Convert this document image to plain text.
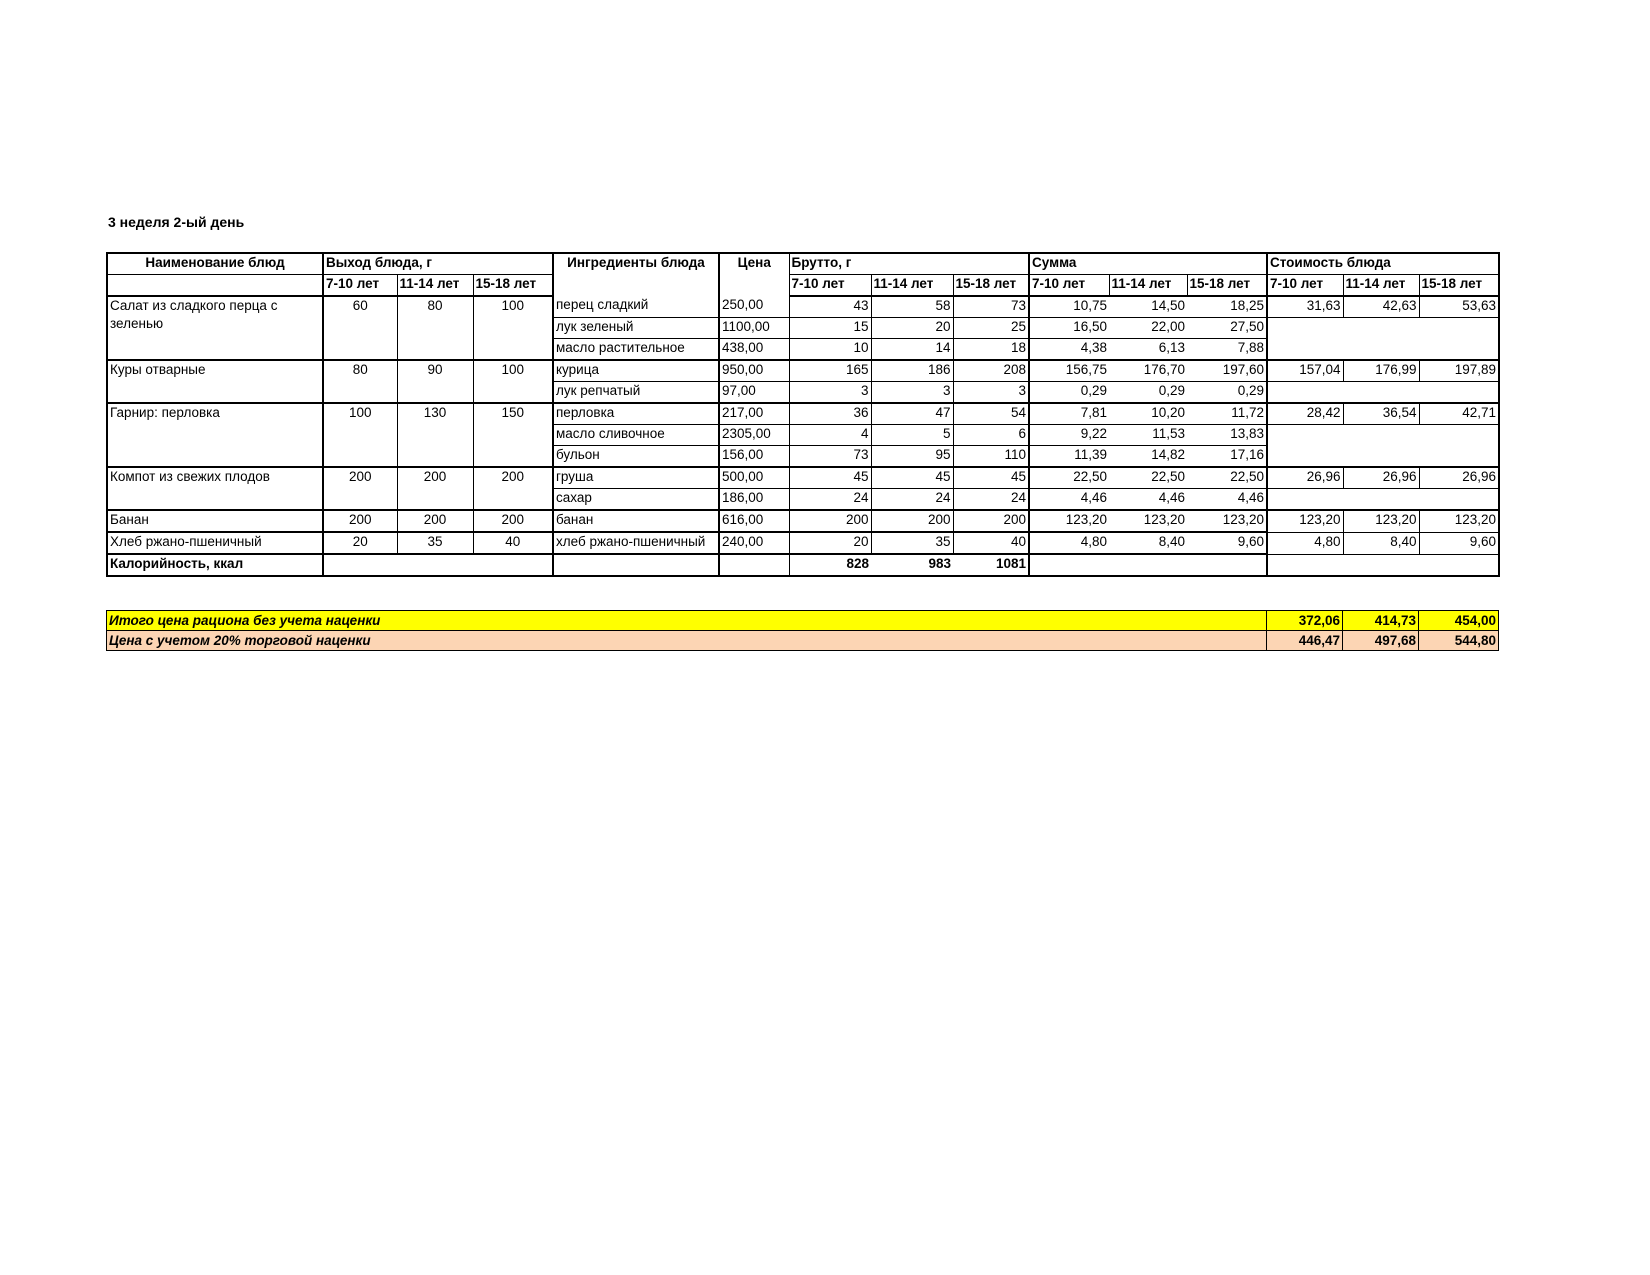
3 неделя 2-ый день
Наименование блюд	Выход блюда, г			Ингредиенты блюда	Цена	Брутто, г			Сумма			Стоимость блюда		
	7-10 лет	11-14 лет	15-18 лет			7-10 лет	11-14 лет	15-18 лет	7-10 лет	11-14 лет	15-18 лет	7-10 лет	11-14 лет	15-18 лет
Салат из сладкого перца с зеленью	60	80	100	перец сладкий	250,00	43	58	73	10,75	14,50	18,25	31,63	42,63	53,63
				лук зеленый	1100,00	15	20	25	16,50	22,00	27,50			
				масло растительное	438,00	10	14	18	4,38	6,13	7,88			
Куры отварные	80	90	100	курица	950,00	165	186	208	156,75	176,70	197,60	157,04	176,99	197,89
				лук репчатый	97,00	3	3	3	0,29	0,29	0,29			
Гарнир: перловка	100	130	150	перловка	217,00	36	47	54	7,81	10,20	11,72	28,42	36,54	42,71
				масло сливочное	2305,00	4	5	6	9,22	11,53	13,83			
				бульон	156,00	73	95	110	11,39	14,82	17,16			
Компот из свежих плодов	200	200	200	груша	500,00	45	45	45	22,50	22,50	22,50	26,96	26,96	26,96
				сахар	186,00	24	24	24	4,46	4,46	4,46			
Банан	200	200	200	банан	616,00	200	200	200	123,20	123,20	123,20	123,20	123,20	123,20
Хлеб ржано-пшеничный	20	35	40	хлеб ржано-пшеничный	240,00	20	35	40	4,80	8,40	9,60	4,80	8,40	9,60
Калорийность, ккал						828	983	1081						
Итого цена рациона без учета наценки	372,06	414,73	454,00
Цена с учетом 20% торговой наценки	446,47	497,68	544,80
